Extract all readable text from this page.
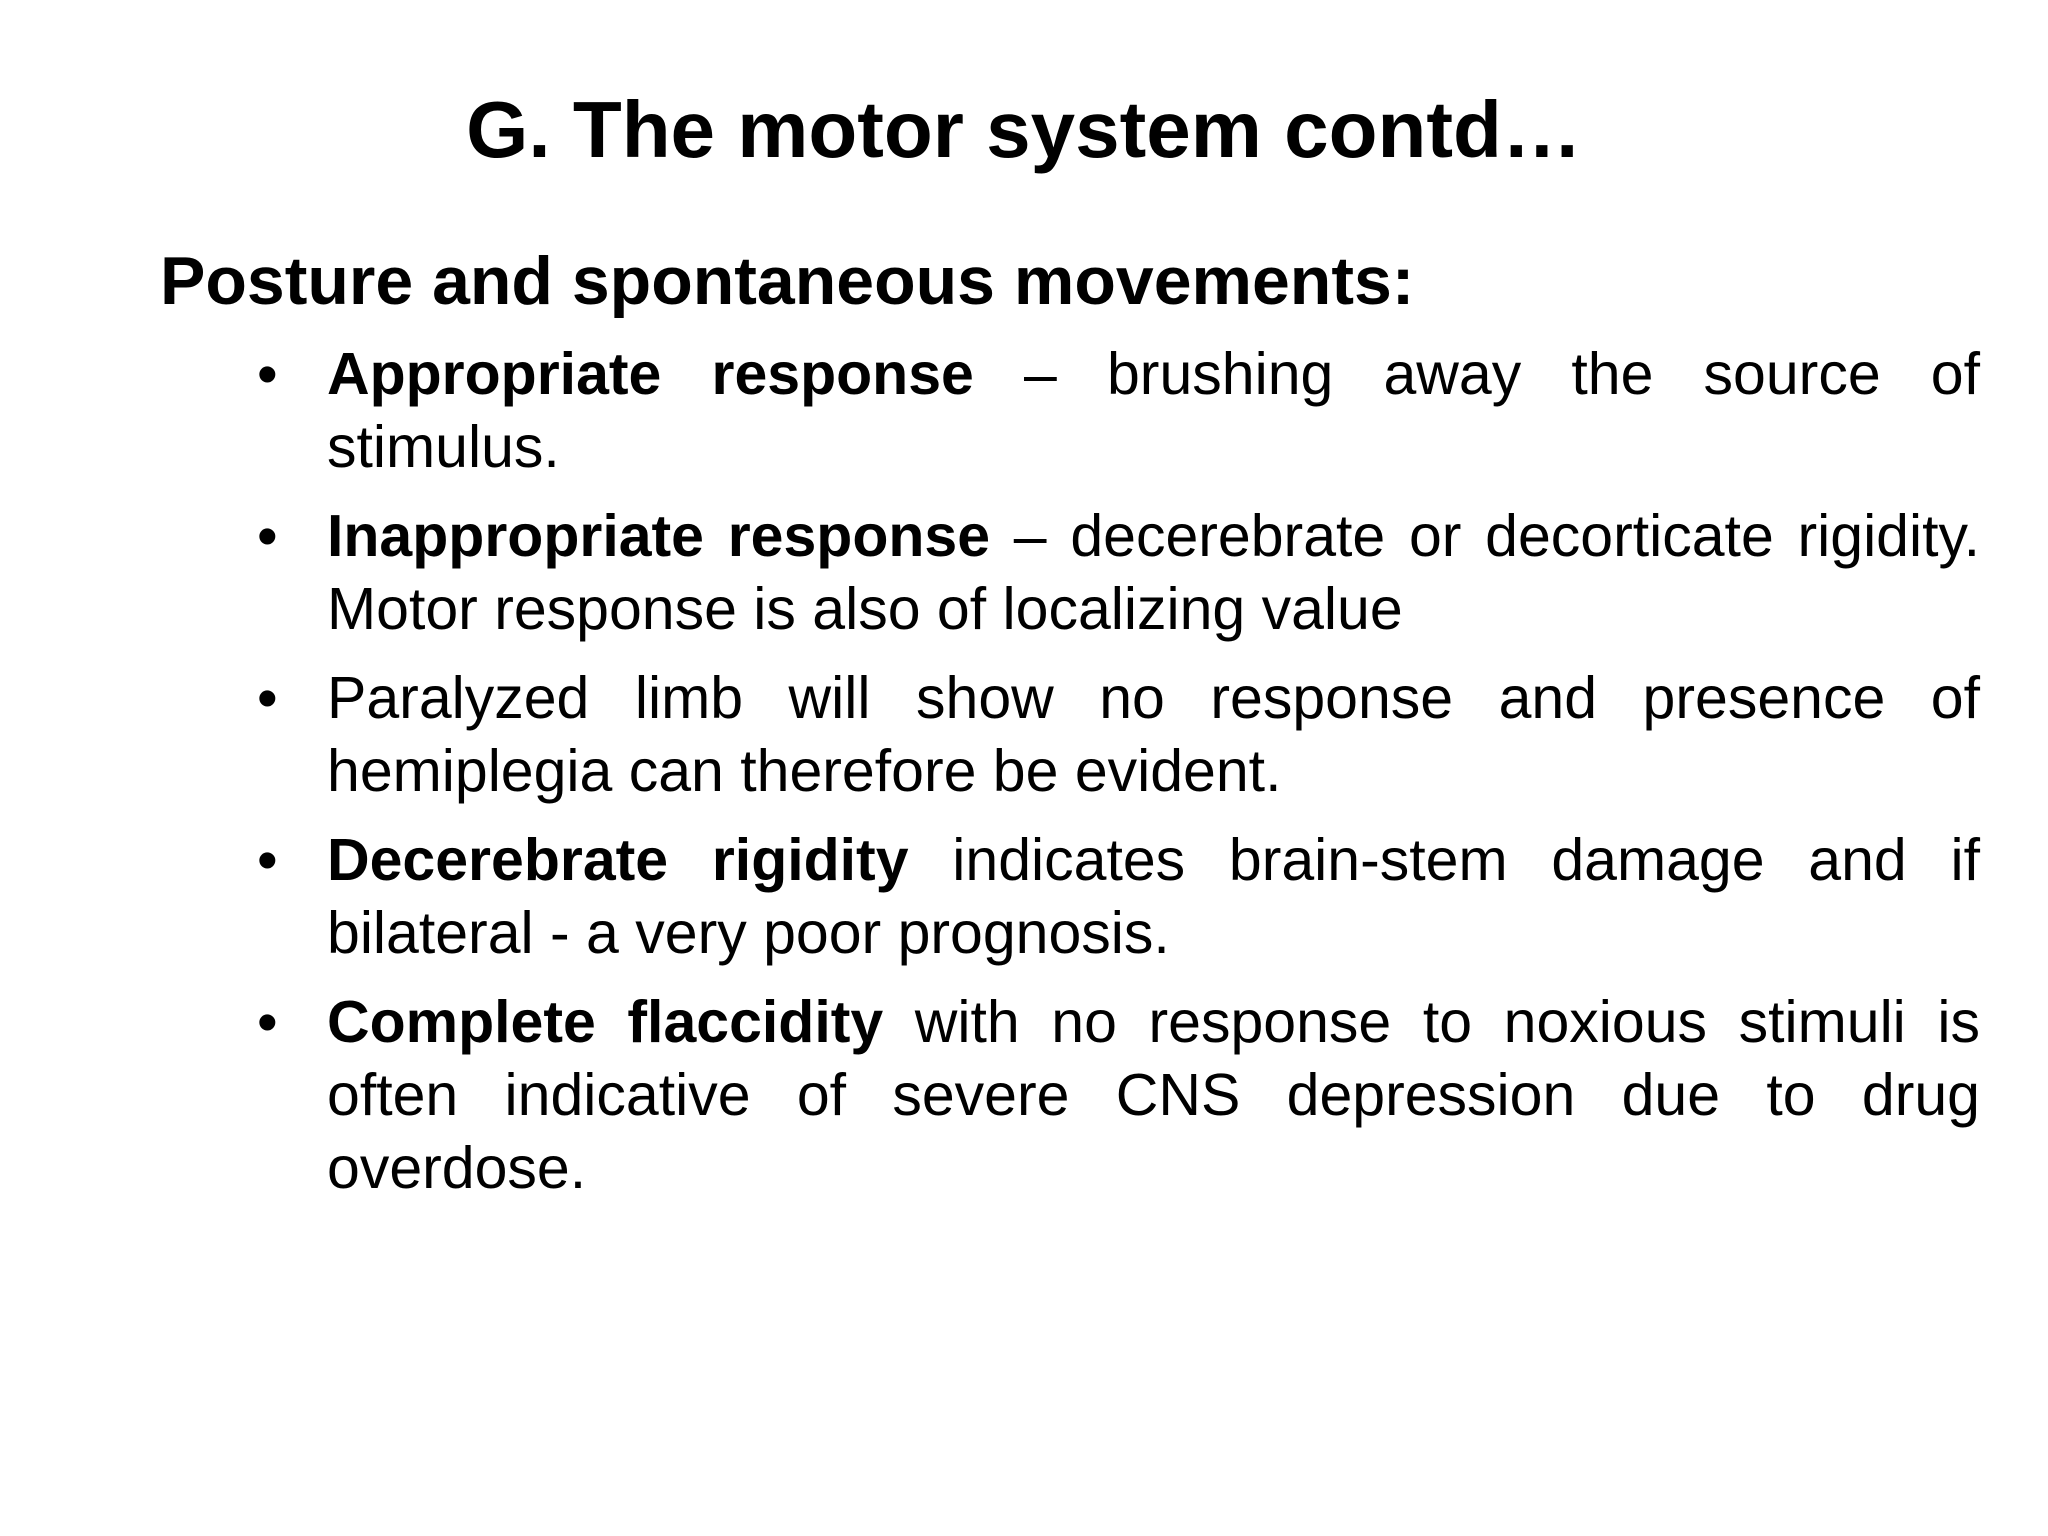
G. The motor system contd…
Posture and spontaneous movements:
• Appropriate response – brushing away the source of stimulus.
• Inappropriate response – decerebrate or decorticate rigidity. Motor response is also of localizing value
• Paralyzed limb will show no response and presence of hemiplegia can therefore be evident.
• Decerebrate rigidity indicates brain-stem damage and if bilateral - a very poor prognosis.
• Complete flaccidity with no response to noxious stimuli is often indicative of severe CNS depression due to drug overdose.
